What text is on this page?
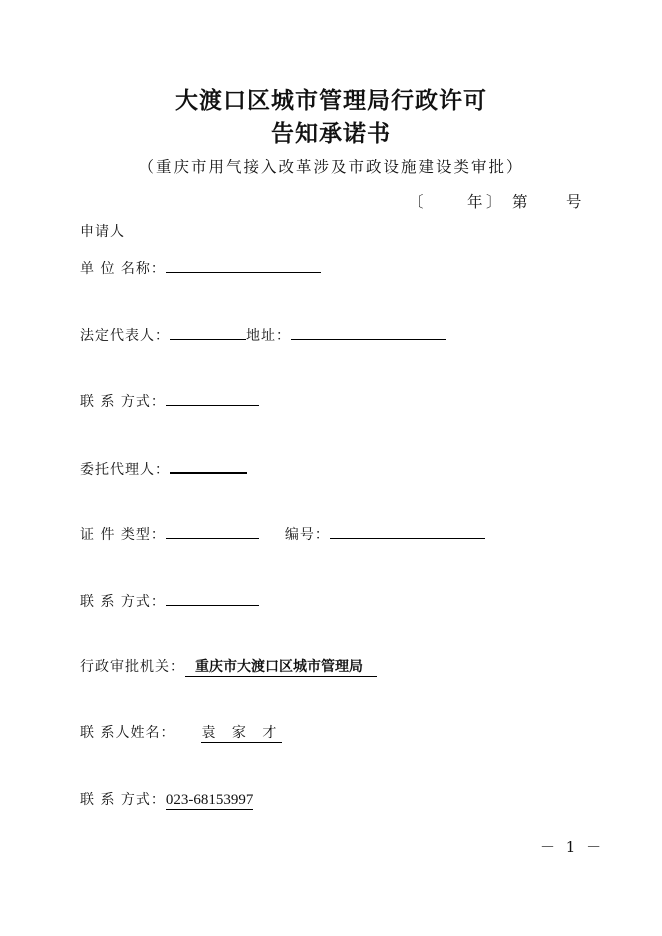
大渡口区城市管理局行政许可
告知承诺书
（重庆市用气接入改革涉及市政设施建设类审批）
〔	年 〕 第 号
申请人
单 位 名称：
法定代表人：	地址：
联 系 方式：
委托代理人：
证 件 类型：	编号：
联 系 方式：
行政审批机关： 重庆市大渡口区城市管理局
联 系人姓名： 袁 家 才
联 系 方式：023-68153997
－ 1 －
